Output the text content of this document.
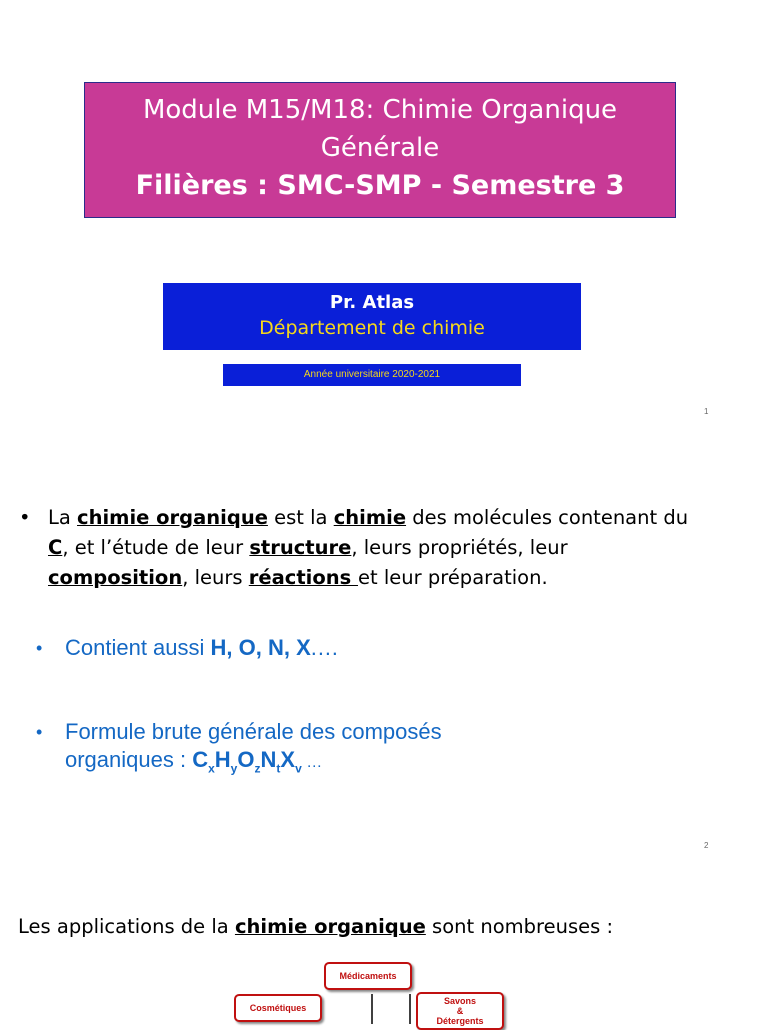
Module M15/M18: Chimie Organique
Générale
Filières : SMC-SMP - Semestre 3
Pr. Atlas
Département de chimie
Année universitaire 2020-2021
1
• La chimie organique est la chimie des molécules contenant du
C, et l’étude de leur structure, leurs propriétés, leur
composition, leurs réactions et leur préparation.
• Contient aussi H, O, N, X.…
• Formule brute générale des composés
organiques : $C_xH_yO_zN_tX_v$ …
2
Les applications de la chimie organique sont nombreuses :
Médicaments
Cosmétiques
Savons
&
Détergents
